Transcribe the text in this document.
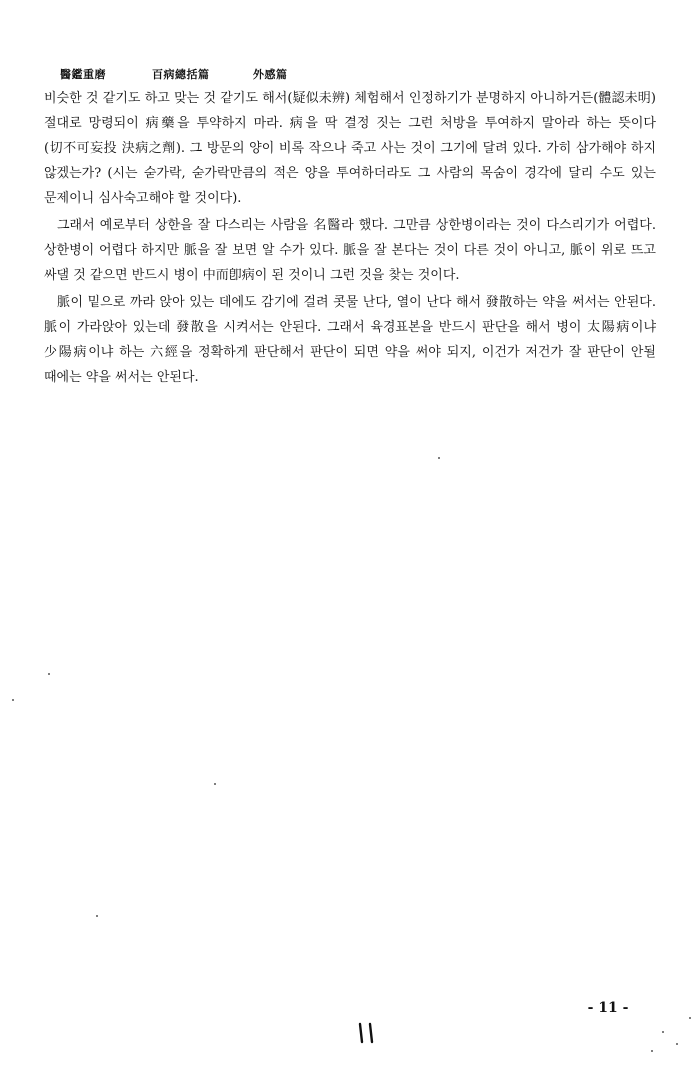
醫鑑重磨	百病總括篇	外感篇

비슷한 것 같기도 하고 맞는 것 같기도 해서(疑似未辨) 체험해서 인정하기가 분명하지 아니하거든(體認未明) 절대로 망령되이 病藥을 투약하지 마라. 病을 딱 결정 짓는 그런 처방을 투여하지 말아라 하는 뜻이다(切不可妄投 決病之劑). 그 방문의 양이 비록 작으나 죽고 사는 것이 그기에 달려 있다. 가히 삼가해야 하지 않겠는가? (시는 숟가락, 숟가락만큼의 적은 양을 투여하더라도 그 사람의 목숨이 경각에 달리 수도 있는 문제이니 심사숙고해야 할 것이다).

그래서 예로부터 상한을 잘 다스리는 사람을 名醫라 했다. 그만큼 상한병이라는 것이 다스리기가 어렵다. 상한병이 어렵다 하지만 脈을 잘 보면 알 수가 있다. 脈을 잘 본다는 것이 다른 것이 아니고, 脈이 위로 뜨고 싸댈 것 같으면 반드시 병이 中而卽病이 된 것이니 그런 것을 찾는 것이다.

脈이 밑으로 까라 앉아 있는 데에도 감기에 걸려 콧물 난다, 열이 난다 해서 發散하는 약을 써서는 안된다. 脈이 가라앉아 있는데 發散을 시켜서는 안된다. 그래서 육경표본을 반드시 판단을 해서 병이 太陽病이냐 少陽病이냐 하는 六經을 정확하게 판단해서 판단이 되면 약을 써야 되지, 이건가 저건가 잘 판단이 안될 때에는 약을 써서는 안된다.

- 11 -
